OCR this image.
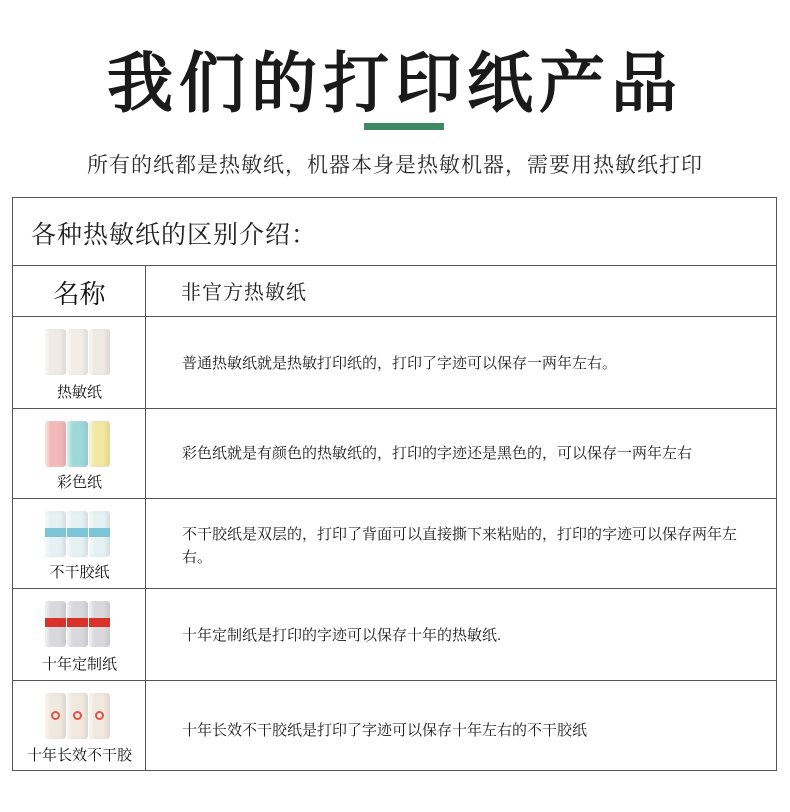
我们的打印纸产品
所有的纸都是热敏纸，机器本身是热敏机器，需要用热敏纸打印
各种热敏纸的区别介绍：
名称	非官方热敏纸
热敏纸
普通热敏纸就是热敏打印纸的，打印了字迹可以保存一两年左右。
彩色纸
彩色纸就是有颜色的热敏纸的，打印的字迹还是黑色的，可以保存一两年左右
不干胶纸
不干胶纸是双层的，打印了背面可以直接撕下来粘贴的，打印的字迹可以保存两年左右。
十年定制纸
十年定制纸是打印的字迹可以保存十年的热敏纸.
十年长效不干胶
十年长效不干胶纸是打印了字迹可以保存十年左右的不干胶纸
